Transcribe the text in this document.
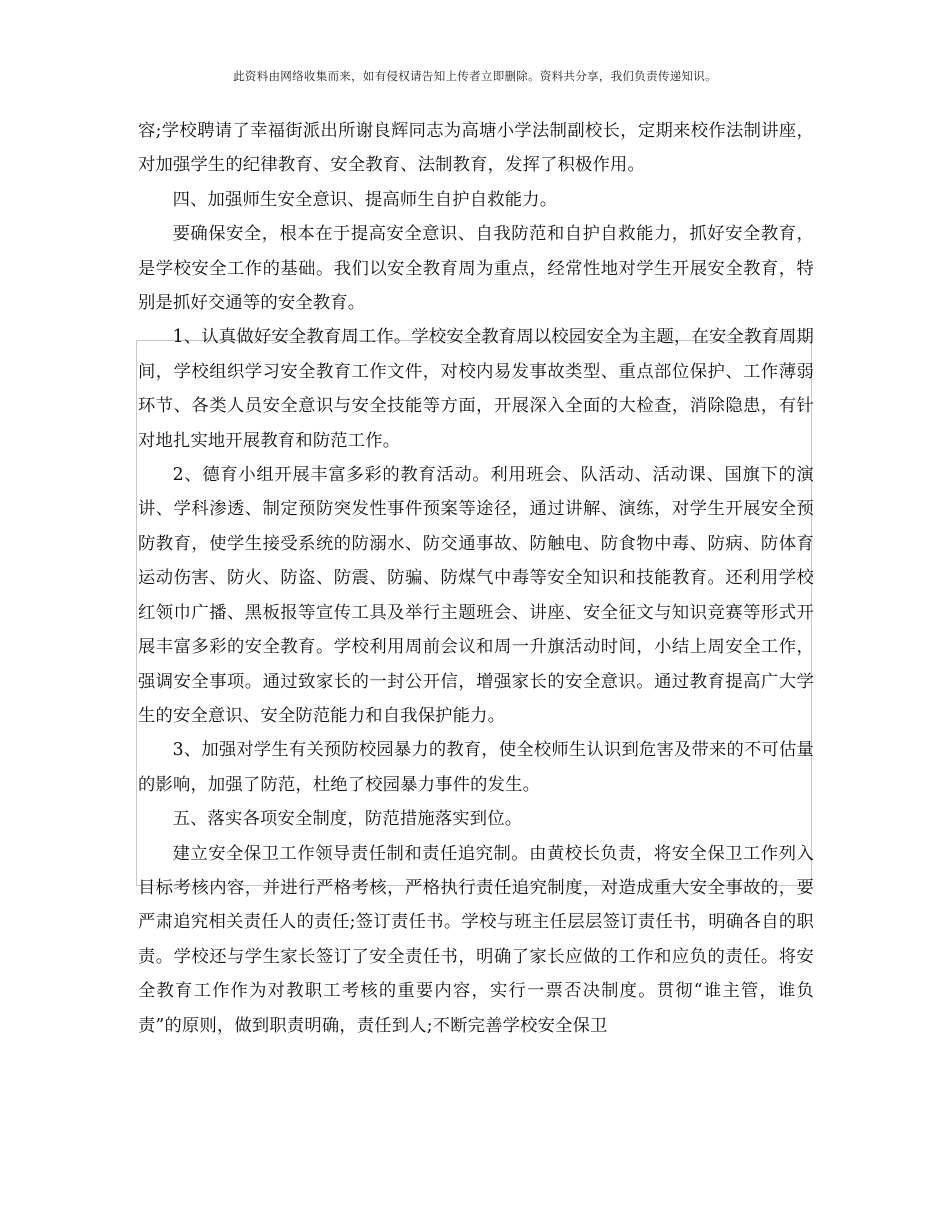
此资料由网络收集而来，如有侵权请告知上传者立即删除。资料共分享，我们负责传递知识。

容;学校聘请了幸福街派出所谢良辉同志为高塘小学法制副校长，定期来校作法制讲座，对加强学生的纪律教育、安全教育、法制教育，发挥了积极作用。

四、加强师生安全意识、提高师生自护自救能力。

要确保安全，根本在于提高安全意识、自我防范和自护自救能力，抓好安全教育，是学校安全工作的基础。我们以安全教育周为重点，经常性地对学生开展安全教育，特别是抓好交通等的安全教育。

1、认真做好安全教育周工作。学校安全教育周以校园安全为主题，在安全教育周期间，学校组织学习安全教育工作文件，对校内易发事故类型、重点部位保护、工作薄弱环节、各类人员安全意识与安全技能等方面，开展深入全面的大检查，消除隐患，有针对地扎实地开展教育和防范工作。

2、德育小组开展丰富多彩的教育活动。利用班会、队活动、活动课、国旗下的演讲、学科渗透、制定预防突发性事件预案等途径，通过讲解、演练，对学生开展安全预防教育，使学生接受系统的防溺水、防交通事故、防触电、防食物中毒、防病、防体育运动伤害、防火、防盗、防震、防骗、防煤气中毒等安全知识和技能教育。还利用学校红领巾广播、黑板报等宣传工具及举行主题班会、讲座、安全征文与知识竞赛等形式开展丰富多彩的安全教育。学校利用周前会议和周一升旗活动时间，小结上周安全工作，强调安全事项。通过致家长的一封公开信，增强家长的安全意识。通过教育提高广大学生的安全意识、安全防范能力和自我保护能力。

3、加强对学生有关预防校园暴力的教育，使全校师生认识到危害及带来的不可估量的影响，加强了防范，杜绝了校园暴力事件的发生。

五、落实各项安全制度，防范措施落实到位。

建立安全保卫工作领导责任制和责任追究制。由黄校长负责，将安全保卫工作列入目标考核内容，并进行严格考核，严格执行责任追究制度，对造成重大安全事故的，要严肃追究相关责任人的责任;签订责任书。学校与班主任层层签订责任书，明确各自的职责。学校还与学生家长签订了安全责任书，明确了家长应做的工作和应负的责任。将安全教育工作作为对教职工考核的重要内容，实行一票否决制度。贯彻“谁主管，谁负责”的原则，做到职责明确，责任到人;不断完善学校安全保卫
